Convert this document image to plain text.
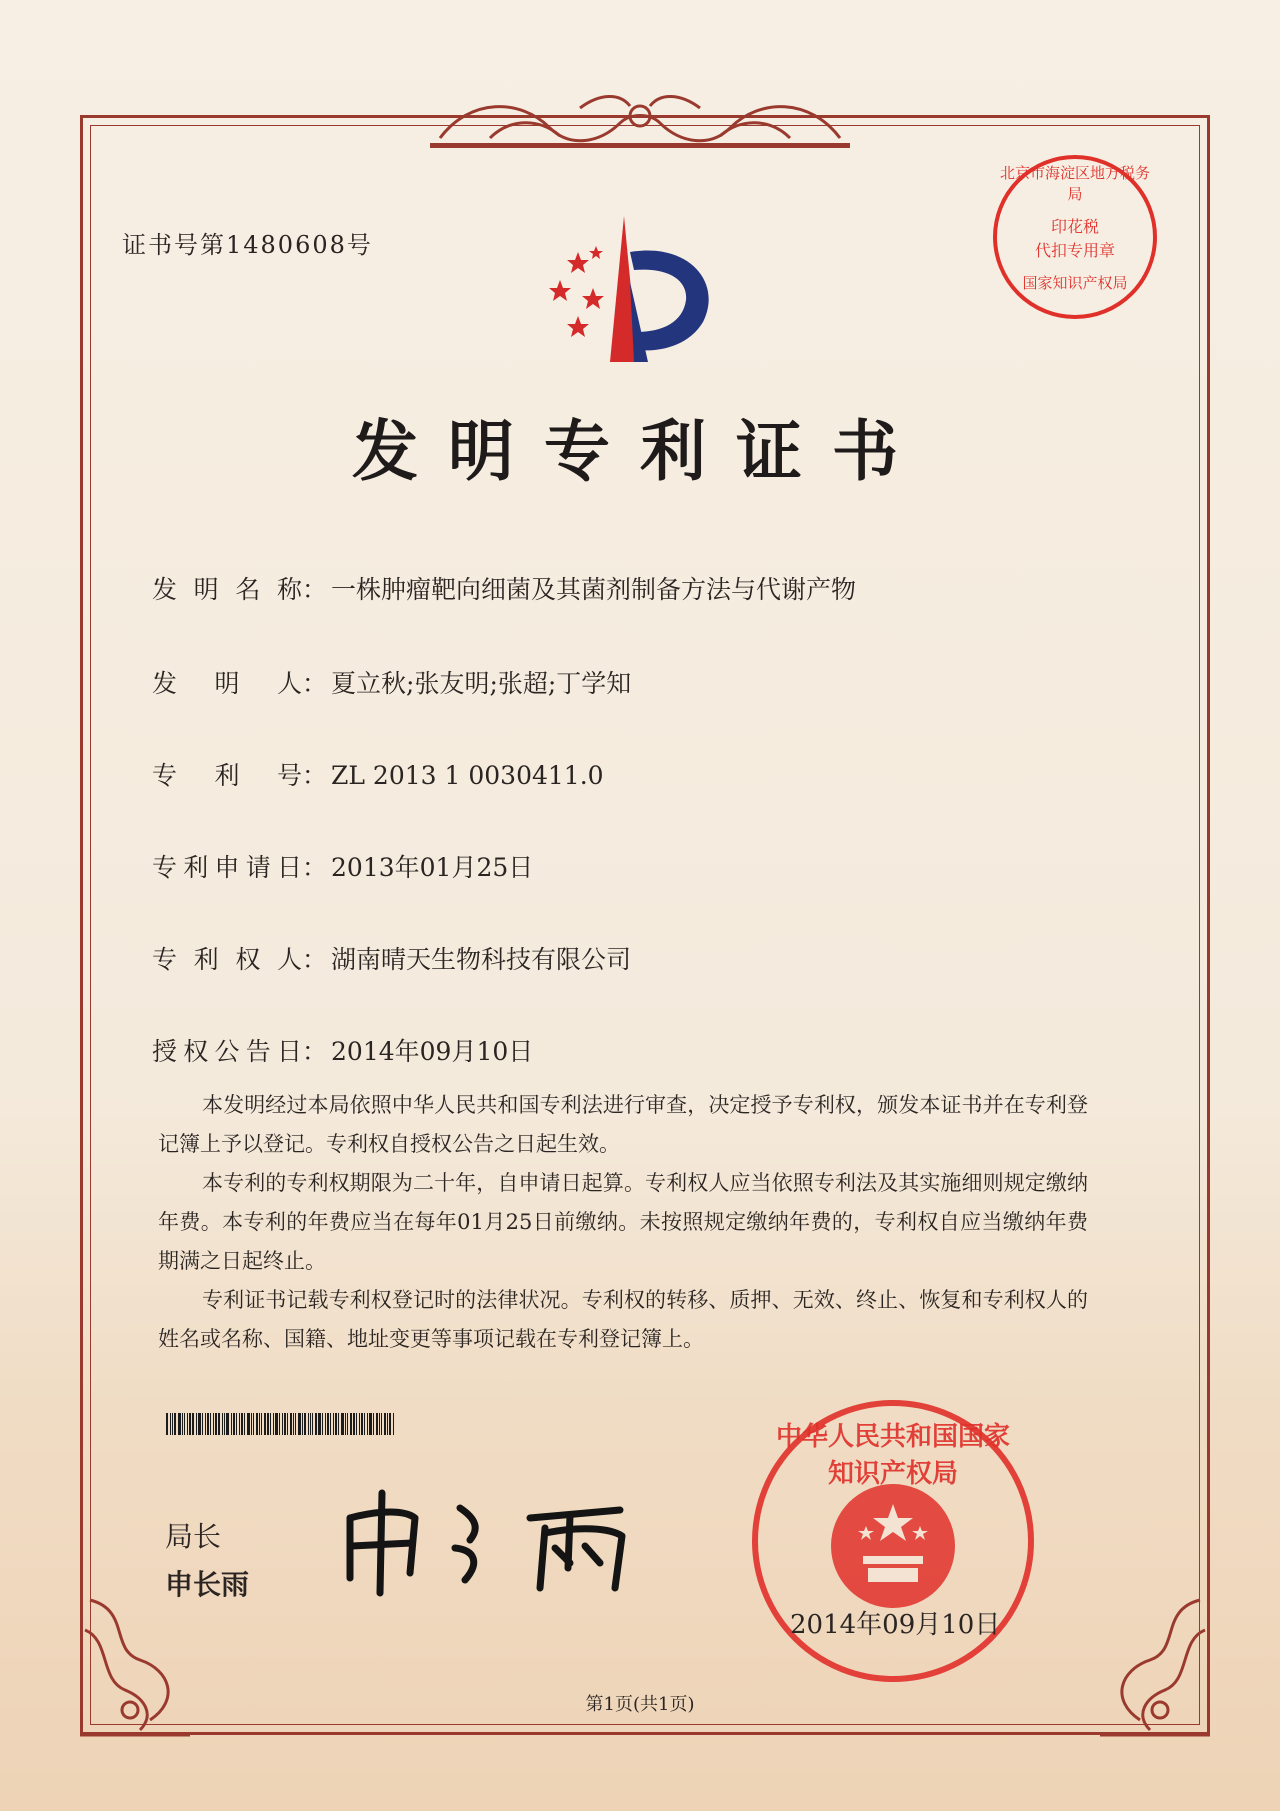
证书号第1480608号
北京市海淀区地方税务局
印花税
代扣专用章
国家知识产权局
发明专利证书
发明名称： 一株肿瘤靶向细菌及其菌剂制备方法与代谢产物
发明人： 夏立秋;张友明;张超;丁学知
专利号： ZL 2013 1 0030411.0
专利申请日： 2013年01月25日
专利权人： 湖南晴天生物科技有限公司
授权公告日： 2014年09月10日

本发明经过本局依照中华人民共和国专利法进行审查，决定授予专利权，颁发本证书并在专利登记簿上予以登记。专利权自授权公告之日起生效。

本专利的专利权期限为二十年，自申请日起算。专利权人应当依照专利法及其实施细则规定缴纳年费。本专利的年费应当在每年01月25日前缴纳。未按照规定缴纳年费的，专利权自应当缴纳年费期满之日起终止。

专利证书记载专利权登记时的法律状况。专利权的转移、质押、无效、终止、恢复和专利权人的姓名或名称、国籍、地址变更等事项记载在专利登记簿上。

局长
申长雨
中华人民共和国国家知识产权局
2014年09月10日
第1页(共1页)
